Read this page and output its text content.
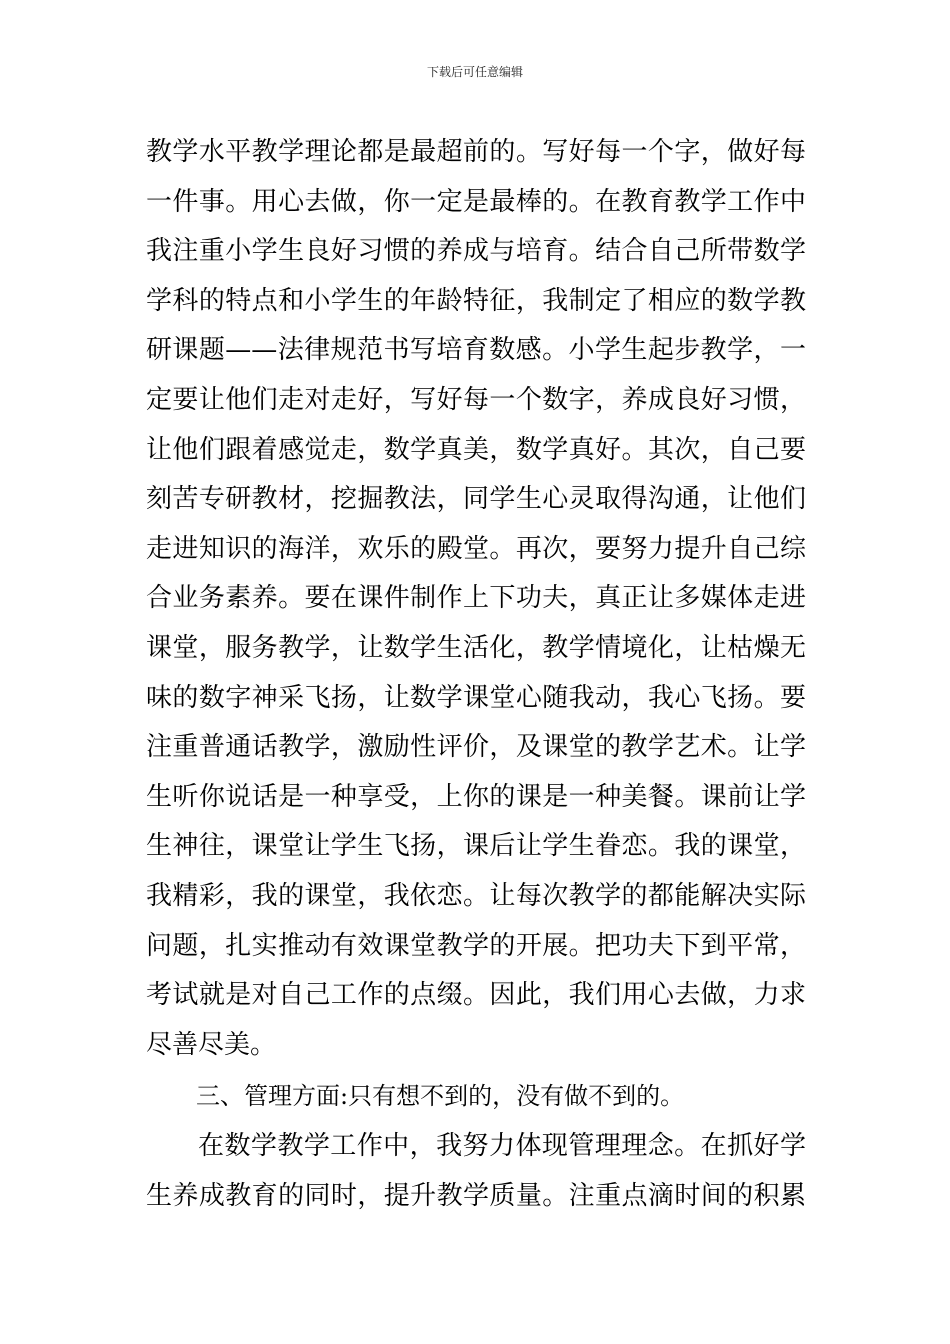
下载后可任意编辑
教学水平教学理论都是最超前的。写好每一个字，做好每
一件事。用心去做，你一定是最棒的。在教育教学工作中
我注重小学生良好习惯的养成与培育。结合自己所带数学
学科的特点和小学生的年龄特征，我制定了相应的数学教
研课题——法律规范书写培育数感。小学生起步教学，一
定要让他们走对走好，写好每一个数字，养成良好习惯，
让他们跟着感觉走，数学真美，数学真好。其次，自己要
刻苦专研教材，挖掘教法，同学生心灵取得沟通，让他们
走进知识的海洋，欢乐的殿堂。再次，要努力提升自己综
合业务素养。要在课件制作上下功夫，真正让多媒体走进
课堂，服务教学，让数学生活化，教学情境化，让枯燥无
味的数字神采飞扬，让数学课堂心随我动，我心飞扬。要
注重普通话教学，激励性评价，及课堂的教学艺术。让学
生听你说话是一种享受，上你的课是一种美餐。课前让学
生神往，课堂让学生飞扬，课后让学生眷恋。我的课堂，
我精彩，我的课堂，我依恋。让每次教学的都能解决实际
问题，扎实推动有效课堂教学的开展。把功夫下到平常，
考试就是对自己工作的点缀。因此，我们用心去做，力求
尽善尽美。
三、管理方面:只有想不到的，没有做不到的。
在数学教学工作中，我努力体现管理理念。在抓好学
生养成教育的同时，提升教学质量。注重点滴时间的积累
